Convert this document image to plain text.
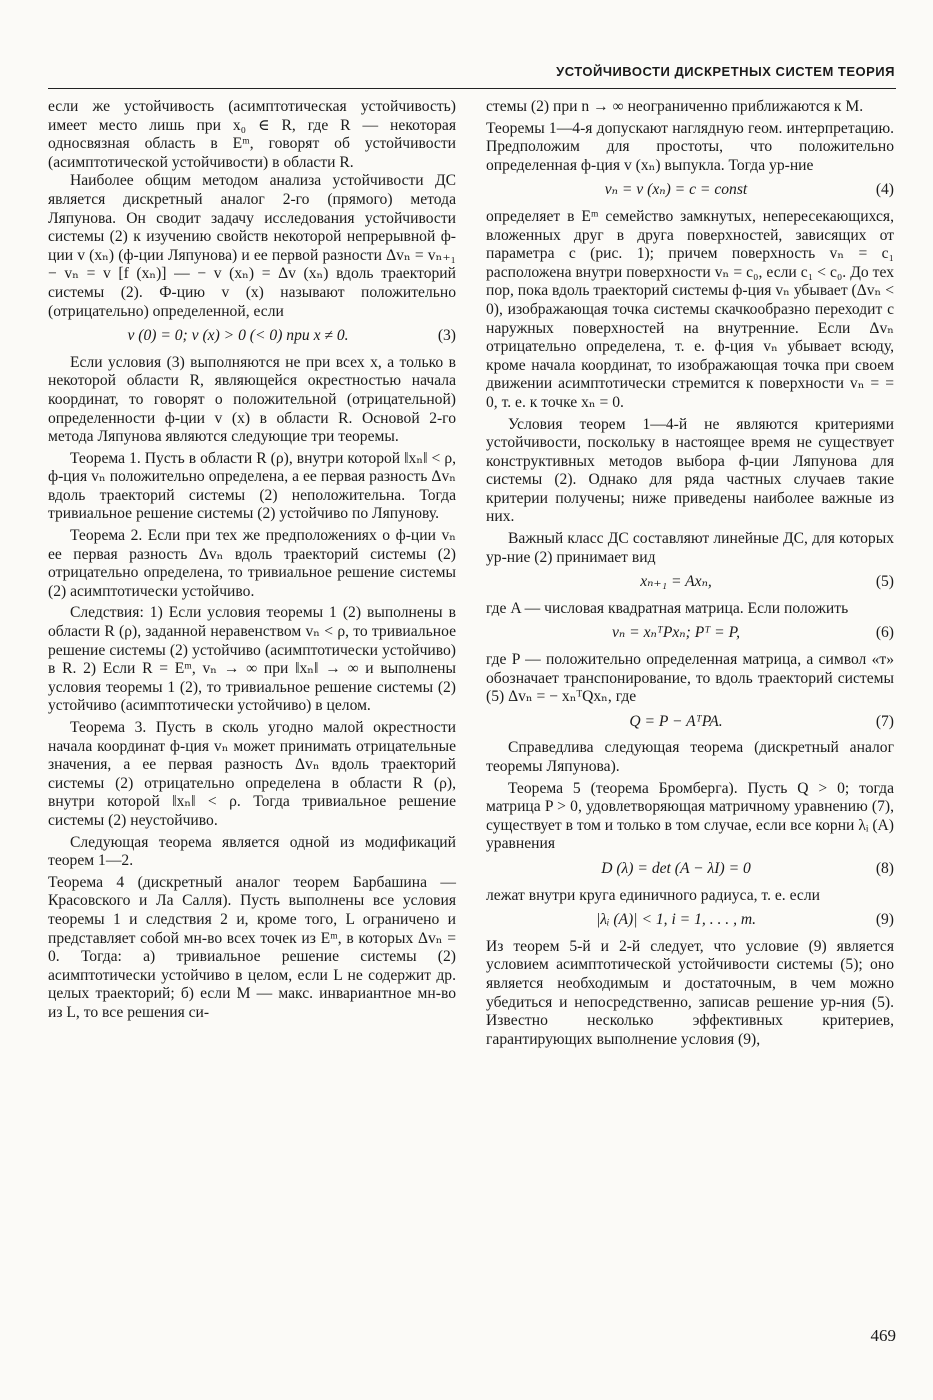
УСТОЙЧИВОСТИ ДИСКРЕТНЫХ СИСТЕМ ТЕОРИЯ

если же устойчивость (асимптотическая устойчивость) имеет место лишь при x₀ ∈ R, где R — некоторая односвязная область в Eᵐ, говорят об устойчивости (асимптотической устойчивости) в области R.

Наиболее общим методом анализа устойчивости ДС является дискретный аналог 2-го (прямого) метода Ляпунова. Он сводит задачу исследования устойчивости системы (2) к изучению свойств некоторой непрерывной ф-ции v (xₙ) (ф-ции Ляпунова) и ее первой разности Δvₙ = vₙ₊₁ − vₙ = v [f (xₙ)] — − v (xₙ) = Δv (xₙ) вдоль траекторий системы (2). Ф-цию v (x) называют положительно (отрицательно) определенной, если

v (0) = 0; v (x) > 0 (< 0) при x ≠ 0.	(3)

Если условия (3) выполняются не при всех x, а только в некоторой области R, являющейся окрестностью начала координат, то говорят о положительной (отрицательной) определенности ф-ции v (x) в области R. Основой 2-го метода Ляпунова являются следующие три теоремы.

Теорема 1. Пусть в области R (ρ), внутри которой ‖xₙ‖ < ρ, ф-ция vₙ положительно определена, а ее первая разность Δvₙ вдоль траекторий системы (2) неположительна. Тогда тривиальное решение системы (2) устойчиво по Ляпунову.

Теорема 2. Если при тех же предположениях о ф-ции vₙ ее первая разность Δvₙ вдоль траекторий системы (2) отрицательно определена, то тривиальное решение системы (2) асимптотически устойчиво.

Следствия: 1) Если условия теоремы 1 (2) выполнены в области R (ρ), заданной неравенством vₙ < ρ, то тривиальное решение системы (2) устойчиво (асимптотически устойчиво) в R. 2) Если R = Eᵐ, vₙ → ∞ при ‖xₙ‖ → ∞ и выполнены условия теоремы 1 (2), то тривиальное решение системы (2) устойчиво (асимптотически устойчиво) в целом.

Теорема 3. Пусть в сколь угодно малой окрестности начала координат ф-ция vₙ может принимать отрицательные значения, а ее первая разность Δvₙ вдоль траекторий системы (2) отрицательно определена в области R (ρ), внутри которой ‖xₙ‖ < ρ. Тогда тривиальное решение системы (2) неустойчиво.

Следующая теорема является одной из модификаций теорем 1—2.

Теорема 4 (дискретный аналог теорем Барбашина — Красовского и Ла Салля). Пусть выполнены все условия теоремы 1 и следствия 2 и, кроме того, L ограничено и представляет собой мн-во всех точек из Eᵐ, в которых Δvₙ = 0. Тогда: а) тривиальное решение системы (2) асимптотически устойчиво в целом, если L не содержит др. целых траекторий; б) если M — макс. инвариантное мн-во из L, то все решения си-

стемы (2) при n → ∞ неограниченно приближаются к M.

Теоремы 1—4-я допускают наглядную геом. интерпретацию. Предположим для простоты, что положительно определенная ф-ция v (xₙ) выпукла. Тогда ур-ние

vₙ = v (xₙ) = c = const	(4)

определяет в Eᵐ семейство замкнутых, непересекающихся, вложенных друг в друга поверхностей, зависящих от параметра c (рис. 1); причем поверхность vₙ = c₁ расположена внутри поверхности vₙ = c₀, если c₁ < c₀. До тех пор, пока вдоль траекторий системы ф-ция vₙ убывает (Δvₙ < 0), изображающая точка системы скачкообразно переходит с наружных поверхностей на внутренние. Если Δvₙ отрицательно определена, т. е. ф-ция vₙ убывает всюду, кроме начала координат, то изображающая точка при своем движении асимптотически стремится к поверхности vₙ = = 0, т. е. к точке xₙ = 0.

Условия теорем 1—4-й не являются критериями устойчивости, поскольку в настоящее время не существует конструктивных методов выбора ф-ции Ляпунова для системы (2). Однако для ряда частных случаев такие критерии получены; ниже приведены наиболее важные из них.

Важный класс ДС составляют линейные ДС, для которых ур-ние (2) принимает вид

xₙ₊₁ = Axₙ,	(5)

где A — числовая квадратная матрица. Если положить

vₙ = xₙᵀPxₙ; Pᵀ = P,	(6)

где P — положительно определенная матрица, а символ «т» обозначает транспонирование, то вдоль траекторий системы (5) Δvₙ = − xₙᵀQxₙ, где

Q = P − AᵀPA.	(7)

Справедлива следующая теорема (дискретный аналог теоремы Ляпунова).

Теорема 5 (теорема Бромберга). Пусть Q > 0; тогда матрица P > 0, удовлетворяющая матричному уравнению (7), существует в том и только в том случае, если все корни λᵢ (A) уравнения

D (λ) = det (A − λI) = 0	(8)

лежат внутри круга единичного радиуса, т. е. если

|λᵢ (A)| < 1, i = 1, . . . , m.	(9)

Из теорем 5-й и 2-й следует, что условие (9) является условием асимптотической устойчивости системы (5); оно является необходимым и достаточным, в чем можно убедиться и непосредственно, записав решение ур-ния (5). Известно несколько эффективных критериев, гарантирующих выполнение условия (9),

469
